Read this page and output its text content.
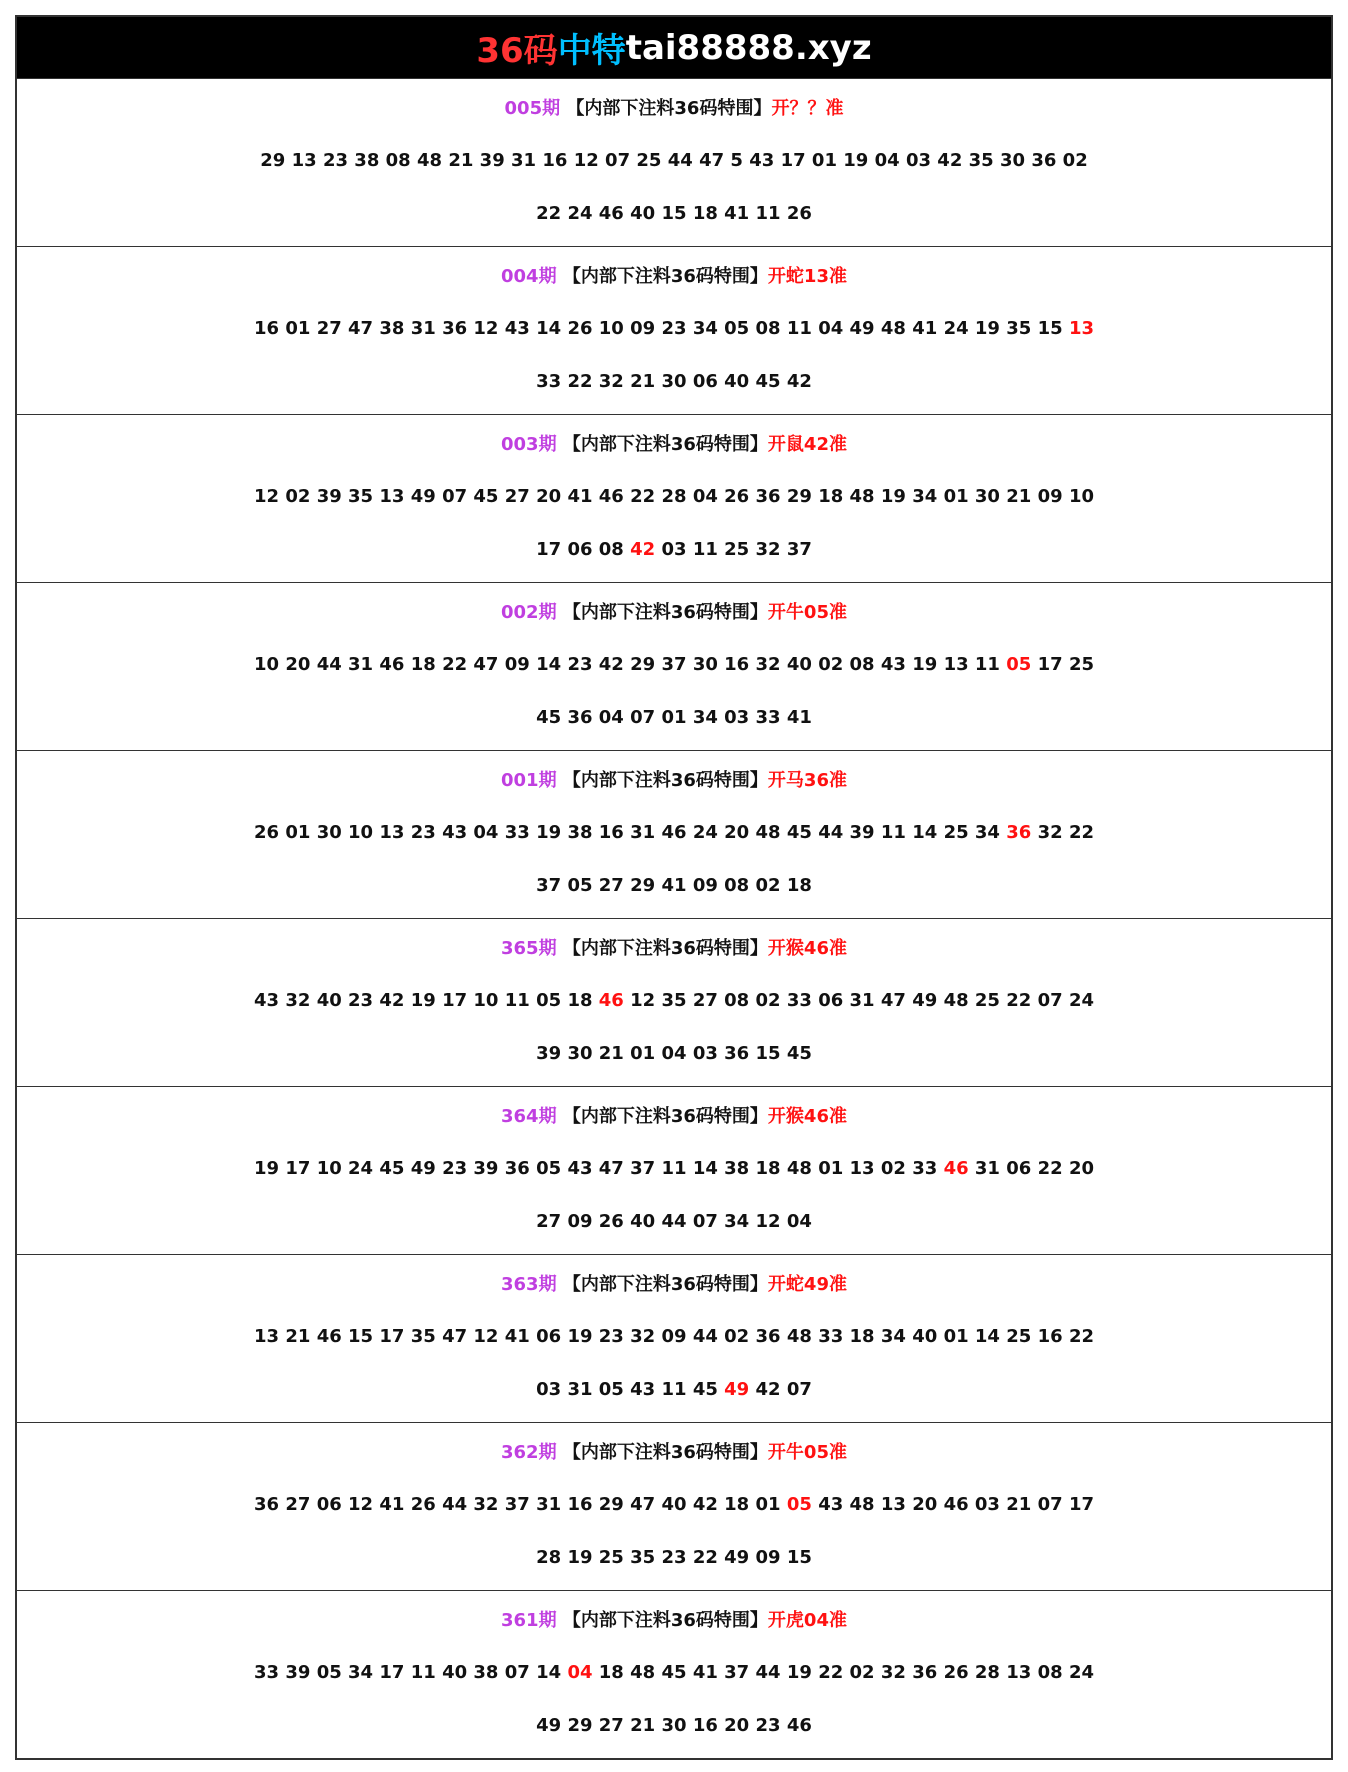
36码 中特 tai88888.xyz
005期 【内部下注料36码特围】开？？准
29 13 23 38 08 48 21 39 31 16 12 07 25 44 47 5 43 17 01 19 04 03 42 35 30 36 02
22 24 46 40 15 18 41 11 26
004期 【内部下注料36码特围】开蛇13准
16 01 27 47 38 31 36 12 43 14 26 10 09 23 34 05 08 11 04 49 48 41 24 19 35 15 13
33 22 32 21 30 06 40 45 42
003期 【内部下注料36码特围】开鼠42准
12 02 39 35 13 49 07 45 27 20 41 46 22 28 04 26 36 29 18 48 19 34 01 30 21 09 10
17 06 08 42 03 11 25 32 37
002期 【内部下注料36码特围】开牛05准
10 20 44 31 46 18 22 47 09 14 23 42 29 37 30 16 32 40 02 08 43 19 13 11 05 17 25
45 36 04 07 01 34 03 33 41
001期 【内部下注料36码特围】开马36准
26 01 30 10 13 23 43 04 33 19 38 16 31 46 24 20 48 45 44 39 11 14 25 34 36 32 22
37 05 27 29 41 09 08 02 18
365期 【内部下注料36码特围】开猴46准
43 32 40 23 42 19 17 10 11 05 18 46 12 35 27 08 02 33 06 31 47 49 48 25 22 07 24
39 30 21 01 04 03 36 15 45
364期 【内部下注料36码特围】开猴46准
19 17 10 24 45 49 23 39 36 05 43 47 37 11 14 38 18 48 01 13 02 33 46 31 06 22 20
27 09 26 40 44 07 34 12 04
363期 【内部下注料36码特围】开蛇49准
13 21 46 15 17 35 47 12 41 06 19 23 32 09 44 02 36 48 33 18 34 40 01 14 25 16 22
03 31 05 43 11 45 49 42 07
362期 【内部下注料36码特围】开牛05准
36 27 06 12 41 26 44 32 37 31 16 29 47 40 42 18 01 05 43 48 13 20 46 03 21 07 17
28 19 25 35 23 22 49 09 15
361期 【内部下注料36码特围】开虎04准
33 39 05 34 17 11 40 38 07 14 04 18 48 45 41 37 44 19 22 02 32 36 26 28 13 08 24
49 29 27 21 30 16 20 23 46
